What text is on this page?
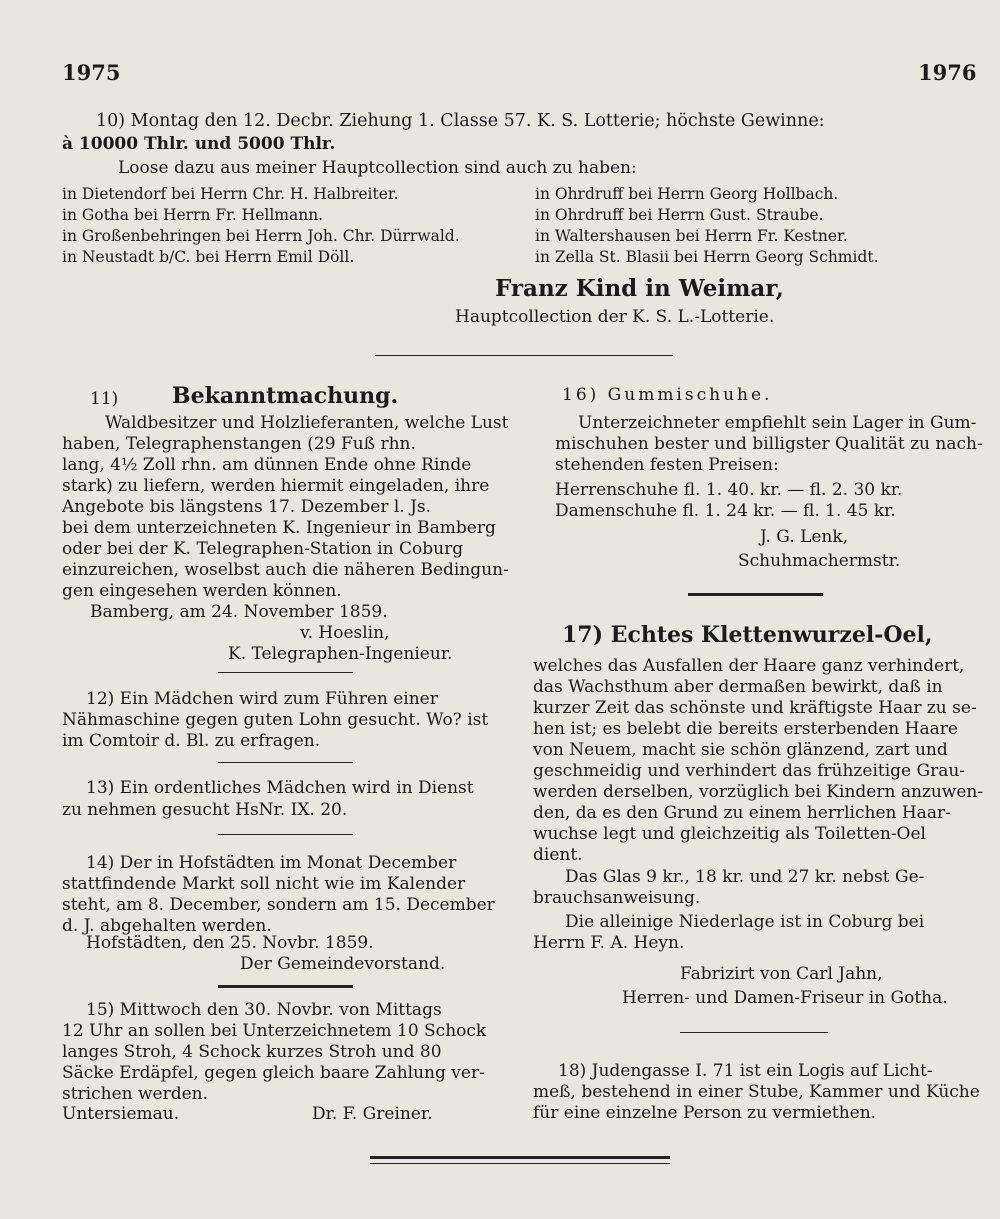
1975	1976
10) Montag den 12. Decbr. Ziehung 1. Classe 57. K. S. Lotterie; höchste Gewinne:
à 10000 Thlr. und 5000 Thlr.
Loose dazu aus meiner Hauptcollection sind auch zu haben:
in Dietendorf bei Herrn Chr. H. Halbreiter.
in Gotha bei Herrn Fr. Hellmann.
in Großenbehringen bei Herrn Joh. Chr. Dürrwald.
in Neustadt b/C. bei Herrn Emil Döll.
in Ohrdruff bei Herrn Georg Hollbach.
in Ohrdruff bei Herrn Gust. Straube.
in Waltershausen bei Herrn Fr. Kestner.
in Zella St. Blasii bei Herrn Georg Schmidt.
Franz Kind in Weimar,
Hauptcollection der K. S. L.-Lotterie.
11) Bekanntmachung.
Waldbesitzer und Holzlieferanten, welche Lust
haben, Telegraphenstangen (29 Fuß rhn.
lang, 4½ Zoll rhn. am dünnen Ende ohne Rinde
stark) zu liefern, werden hiermit eingeladen, ihre
Angebote bis längstens 17. Dezember l. Js.
bei dem unterzeichneten K. Ingenieur in Bamberg
oder bei der K. Telegraphen-Station in Coburg
einzureichen, woselbst auch die näheren Bedingun-
gen eingesehen werden können.
Bamberg, am 24. November 1859.
v. Hoeslin,
K. Telegraphen-Ingenieur.
12) Ein Mädchen wird zum Führen einer
Nähmaschine gegen guten Lohn gesucht. Wo? ist
im Comtoir d. Bl. zu erfragen.
13) Ein ordentliches Mädchen wird in Dienst
zu nehmen gesucht HsNr. IX. 20.
14) Der in Hofstädten im Monat December
stattfindende Markt soll nicht wie im Kalender
steht, am 8. December, sondern am 15. December
d. J. abgehalten werden.
Hofstädten, den 25. Novbr. 1859.
Der Gemeindevorstand.
15) Mittwoch den 30. Novbr. von Mittags
12 Uhr an sollen bei Unterzeichnetem 10 Schock
langes Stroh, 4 Schock kurzes Stroh und 80
Säcke Erdäpfel, gegen gleich baare Zahlung ver-
strichen werden.
Untersiemau.	Dr. F. Greiner.
16) Gummischuhe.
Unterzeichneter empfiehlt sein Lager in Gum-
mischuhen bester und billigster Qualität zu nach-
stehenden festen Preisen:
Herrenschuhe fl. 1. 40. kr. — fl. 2. 30 kr.
Damenschuhe fl. 1. 24 kr. — fl. 1. 45 kr.
J. G. Lenk,
Schuhmachermstr.
17) Echtes Klettenwurzel-Oel,
welches das Ausfallen der Haare ganz verhindert,
das Wachsthum aber dermaßen bewirkt, daß in
kurzer Zeit das schönste und kräftigste Haar zu se-
hen ist; es belebt die bereits ersterbenden Haare
von Neuem, macht sie schön glänzend, zart und
geschmeidig und verhindert das frühzeitige Grau-
werden derselben, vorzüglich bei Kindern anzuwen-
den, da es den Grund zu einem herrlichen Haar-
wuchse legt und gleichzeitig als Toiletten-Oel
dient.
Das Glas 9 kr., 18 kr. und 27 kr. nebst Ge-
brauchsanweisung.
Die alleinige Niederlage ist in Coburg bei
Herrn F. A. Heyn.
Fabrizirt von Carl Jahn,
Herren- und Damen-Friseur in Gotha.
18) Judengasse I. 71 ist ein Logis auf Licht-
meß, bestehend in einer Stube, Kammer und Küche
für eine einzelne Person zu vermiethen.
